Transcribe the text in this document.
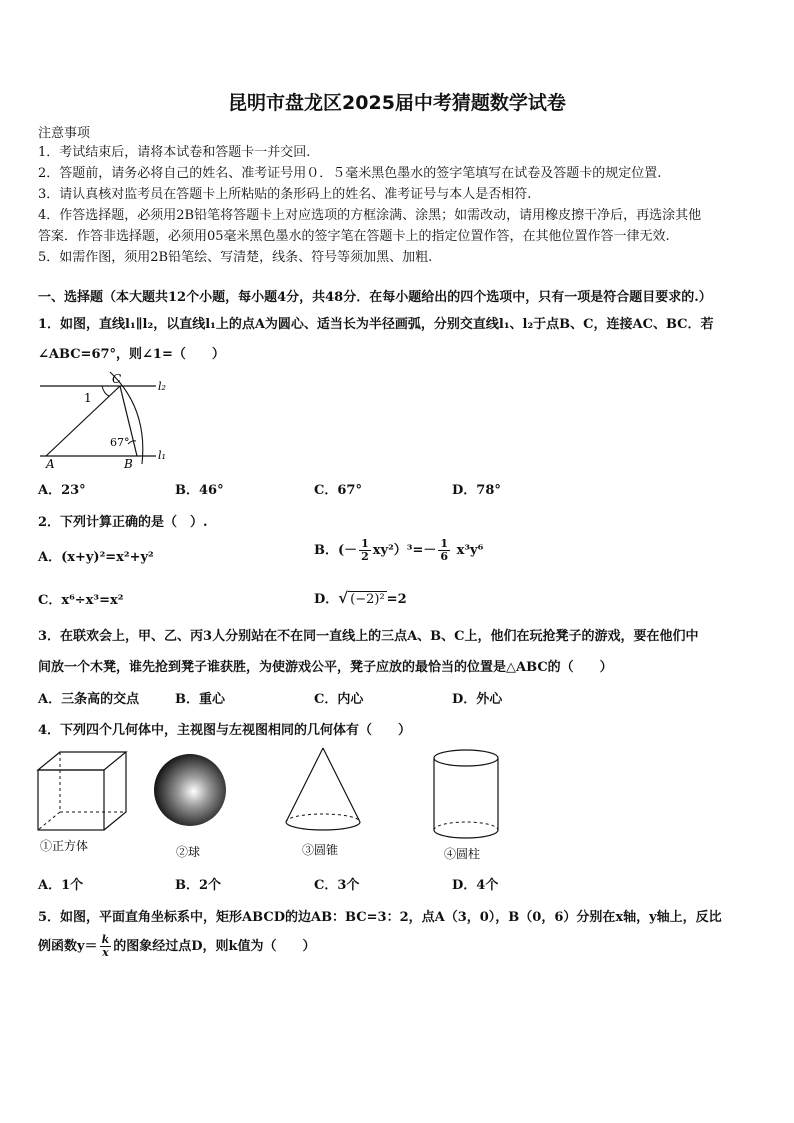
昆明市盘龙区2025届中考猜题数学试卷
注意事项
1．考试结束后，请将本试卷和答题卡一并交回.
2．答题前，请务必将自己的姓名、准考证号用０．５毫米黑色墨水的签字笔填写在试卷及答题卡的规定位置.
3．请认真核对监考员在答题卡上所粘贴的条形码上的姓名、准考证号与本人是否相符.
4．作答选择题，必须用2B铅笔将答题卡上对应选项的方框涂满、涂黑；如需改动，请用橡皮擦干净后，再选涂其他
答案．作答非选择题，必须用05毫米黑色墨水的签字笔在答题卡上的指定位置作答，在其他位置作答一律无效.
5．如需作图，须用2B铅笔绘、写清楚，线条、符号等须加黑、加粗.
一、选择题（本大题共12个小题，每小题4分，共48分．在每小题给出的四个选项中，只有一项是符合题目要求的.）
1．如图，直线l₁∥l₂，以直线l₁上的点A为圆心、适当长为半径画弧，分别交直线l₁、l₂于点B、C，连接AC、BC．若
∠ABC=67°，则∠1=（　　）
C
l₂
1
67°
A	B
l₁
A．23°	B．46°	C．67°	D．78°
2．下列计算正确的是（　）.
A．(x+y)²=x²+y²	B．(－ $\frac{1}{2} xy^2)^3=- \frac{1}{6} x^3y^6$
C．x⁶÷x³=x²	D．√ (−2)² =2
3．在联欢会上，甲、乙、丙3人分别站在不在同一直线上的三点A、B、C上，他们在玩抢凳子的游戏，要在他们中
间放一个木凳，谁先抢到凳子谁获胜，为使游戏公平，凳子应放的最恰当的位置是△ABC的（　　）
A．三条高的交点	B．重心	C．内心	D．外心
4．下列四个几何体中，主视图与左视图相同的几何体有（　　）
①正方体	②球	③圆锥	④圆柱
A．1个	B．2个	C．3个	D．4个
5．如图，平面直角坐标系中，矩形ABCD的边AB：BC=3：2，点A（3，0），B（0，6）分别在x轴，y轴上，反比
例函数$y= \frac{k}{x}$ 的图象经过点D，则k值为（　　）
